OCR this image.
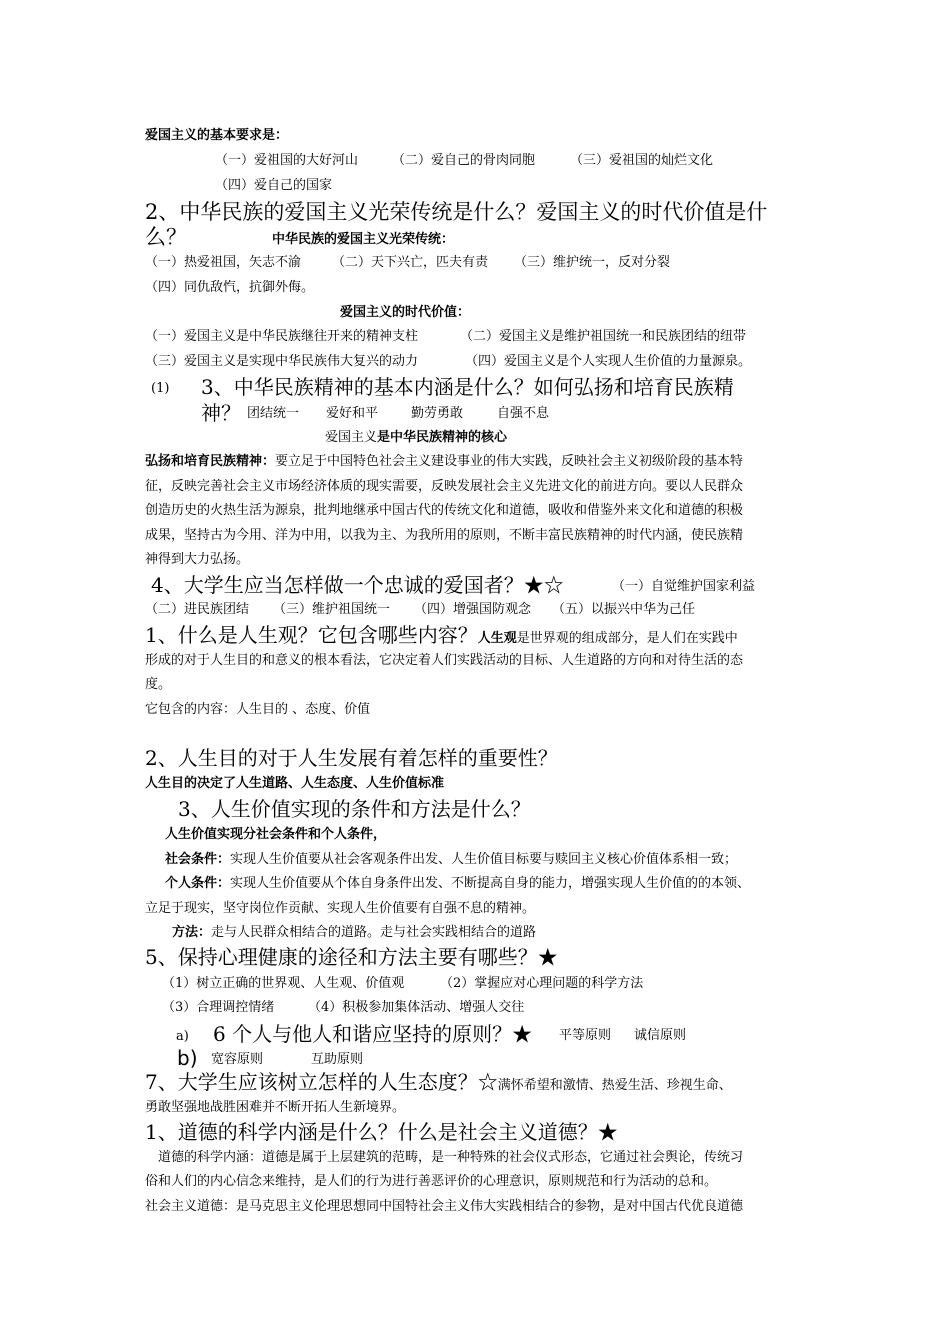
爱国主义的基本要求是：
（一）爱祖国的大好河山	（二）爱自己的骨肉同胞	（三）爱祖国的灿烂文化
（四）爱自己的国家
2、中华民族的爱国主义光荣传统是什么？爱国主义的时代价值是什
么？	中华民族的爱国主义光荣传统：
（一）热爱祖国，矢志不渝 （二）天下兴亡，匹夫有责 （三）维护统一，反对分裂
（四）同仇敌忾，抗御外侮。
爱国主义的时代价值：
（一）爱国主义是中华民族继往开来的精神支柱	（二）爱国主义是维护祖国统一和民族团结的纽带
（三）爱国主义是实现中华民族伟大复兴的动力	（四）爱国主义是个人实现人生价值的力量源泉。
(1) 3、中华民族精神的基本内涵是什么？如何弘扬和培育民族精
神？ 团结统一 爱好和平	勤劳勇敢	自强不息
爱国主义是中华民族精神的核心
弘扬和培育民族精神：要立足于中国特色社会主义建设事业的伟大实践，反映社会主义初级阶段的基本特
征，反映完善社会主义市场经济体质的现实需要，反映发展社会主义先进文化的前进方向。要以人民群众
创造历史的火热生活为源泉，批判地继承中国古代的传统文化和道德，吸收和借鉴外来文化和道德的积极
成果，坚持古为今用、洋为中用，以我为主、为我所用的原则，不断丰富民族精神的时代内涵，使民族精
神得到大力弘扬。
4、大学生应当怎样做一个忠诚的爱国者？★☆	（一）自觉维护国家利益
（二）进民族团结 （三）维护祖国统一 （四）增强国防观念 （五）以振兴中华为己任
1、什么是人生观？它包含哪些内容？人生观是世界观的组成部分，是人们在实践中
形成的对于人生目的和意义的根本看法，它决定着人们实践活动的目标、人生道路的方向和对待生活的态
度。
它包含的内容：人生目的 、态度、价值
2、人生目的对于人生发展有着怎样的重要性？
人生目的决定了人生道路、人生态度、人生价值标准
3、人生价值实现的条件和方法是什么？
人生价值实现分社会条件和个人条件，
社会条件：实现人生价值要从社会客观条件出发、人生价值目标要与赎回主义核心价值体系相一致；
个人条件：实现人生价值要从个体自身条件出发、不断提高自身的能力，增强实现人生价值的的本领、
立足于现实，坚守岗位作贡献、实现人生价值要有自强不息的精神。
方法：走与人民群众相结合的道路。走与社会实践相结合的道路
5、保持心理健康的途径和方法主要有哪些？★
（1）树立正确的世界观、人生观、价值观	（2）掌握应对心理问题的科学方法
（3）合理调控情绪	（4）积极参加集体活动、增强人交往
a) 6 个人与他人和谐应坚持的原则？★ 平等原则 诚信原则
b) 宽容原则	互助原则
7、大学生应该树立怎样的人生态度？☆满怀希望和激情、热爱生活、珍视生命、
勇敢坚强地战胜困难并不断开拓人生新境界。
1、道德的科学内涵是什么？什么是社会主义道德？★
道德的科学内涵：道德是属于上层建筑的范畴，是一种特殊的社会仪式形态，它通过社会舆论，传统习
俗和人们的内心信念来维持，是人们的行为进行善恶评价的心理意识，原则规范和行为活动的总和。
社会主义道德：是马克思主义伦理思想同中国特社会主义伟大实践相结合的参物，是对中国古代优良道德
